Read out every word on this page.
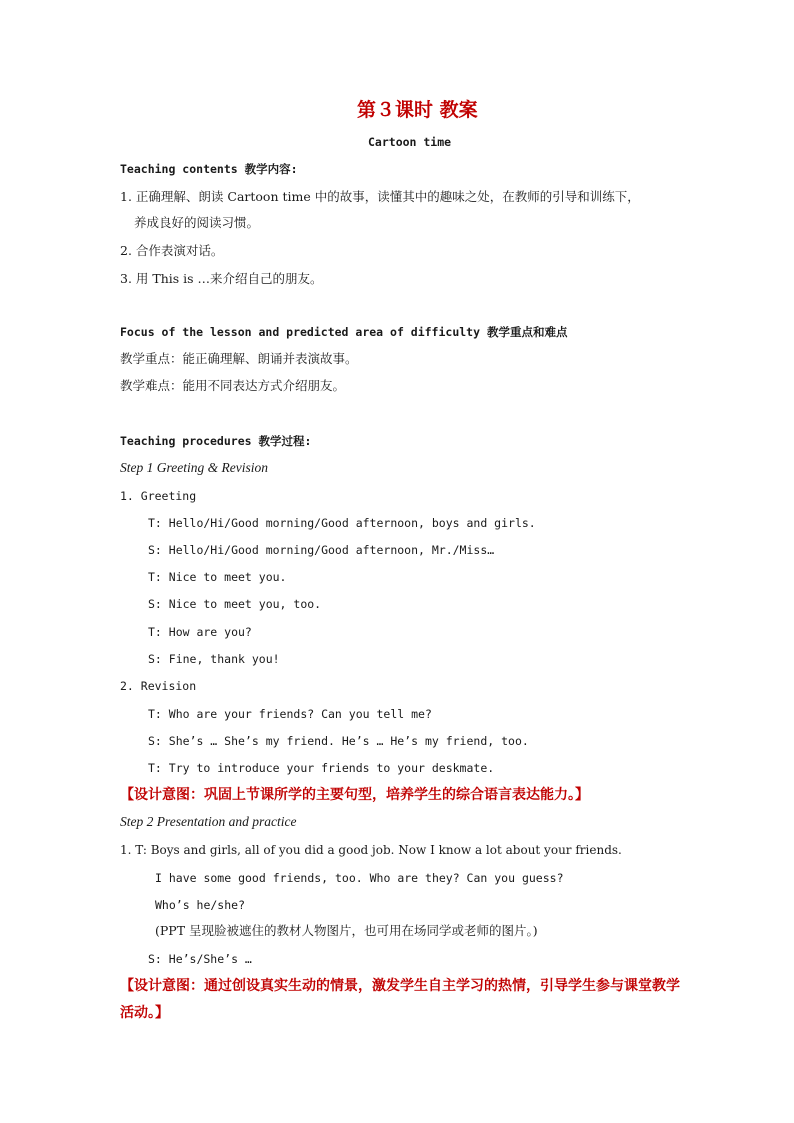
第３课时 教案
Cartoon time
Teaching contents 教学内容:
1. 正确理解、朗读 Cartoon time 中的故事，读懂其中的趣味之处，在教师的引导和训练下，
养成良好的阅读习惯。
2. 合作表演对话。
3. 用 This is …来介绍自己的朋友。
Focus of the lesson and predicted area of difficulty 教学重点和难点
教学重点：能正确理解、朗诵并表演故事。
教学难点：能用不同表达方式介绍朋友。
Teaching procedures 教学过程:
Step 1 Greeting & Revision
1. Greeting
T: Hello/Hi/Good morning/Good afternoon, boys and girls.
S: Hello/Hi/Good morning/Good afternoon, Mr./Miss…
T: Nice to meet you.
S: Nice to meet you, too.
T: How are you?
S: Fine, thank you!
2. Revision
T: Who are your friends? Can you tell me?
S: She’s … She’s my friend. He’s … He’s my friend, too.
T: Try to introduce your friends to your deskmate.
【设计意图：巩固上节课所学的主要句型，培养学生的综合语言表达能力。】
Step 2 Presentation and practice
1. T: Boys and girls, all of you did a good job. Now I know a lot about your friends.
I have some good friends, too. Who are they? Can you guess?
Who’s he/she?
(PPT 呈现脸被遮住的教材人物图片，也可用在场同学或老师的图片。)
S: He’s/She’s …
【设计意图：通过创设真实生动的情景，激发学生自主学习的热情，引导学生参与课堂教学
活动。】
